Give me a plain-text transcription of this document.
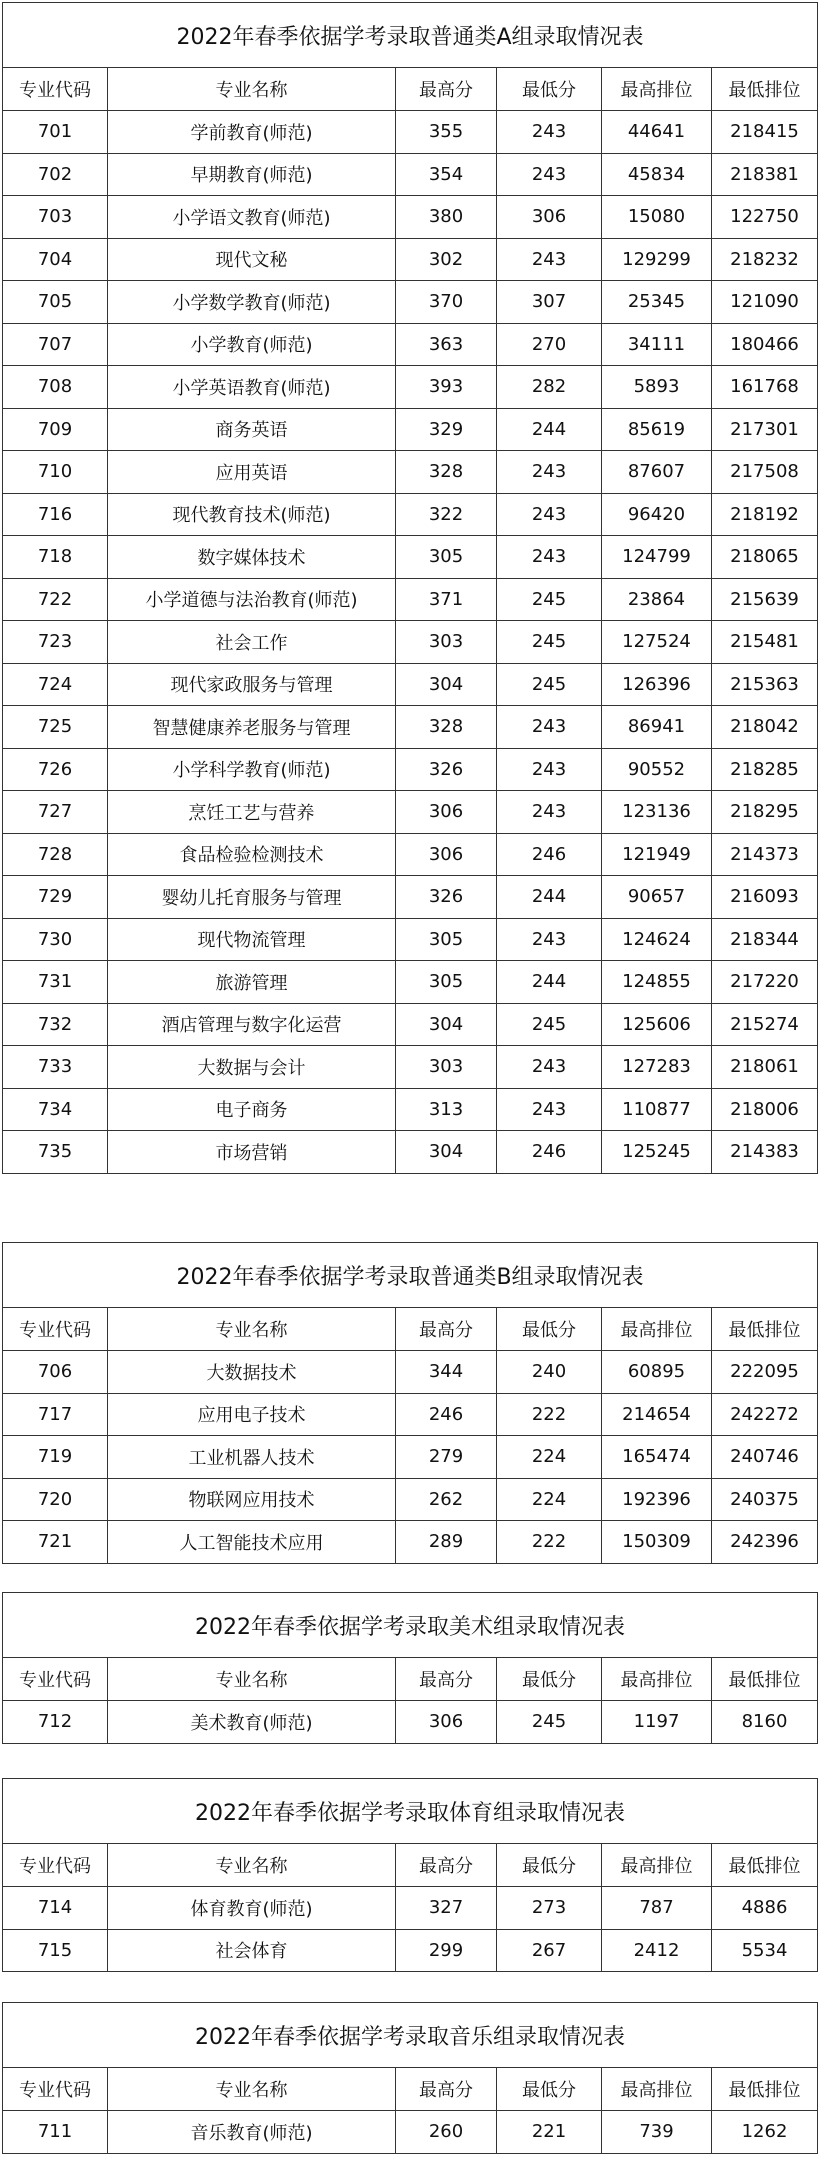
2022年春季依据学考录取普通类A组录取情况表					
专业代码	专业名称	最高分	最低分	最高排位	最低排位
701	学前教育(师范)	355	243	44641	218415
702	早期教育(师范)	354	243	45834	218381
703	小学语文教育(师范)	380	306	15080	122750
704	现代文秘	302	243	129299	218232
705	小学数学教育(师范)	370	307	25345	121090
707	小学教育(师范)	363	270	34111	180466
708	小学英语教育(师范)	393	282	5893	161768
709	商务英语	329	244	85619	217301
710	应用英语	328	243	87607	217508
716	现代教育技术(师范)	322	243	96420	218192
718	数字媒体技术	305	243	124799	218065
722	小学道德与法治教育(师范)	371	245	23864	215639
723	社会工作	303	245	127524	215481
724	现代家政服务与管理	304	245	126396	215363
725	智慧健康养老服务与管理	328	243	86941	218042
726	小学科学教育(师范)	326	243	90552	218285
727	烹饪工艺与营养	306	243	123136	218295
728	食品检验检测技术	306	246	121949	214373
729	婴幼儿托育服务与管理	326	244	90657	216093
730	现代物流管理	305	243	124624	218344
731	旅游管理	305	244	124855	217220
732	酒店管理与数字化运营	304	245	125606	215274
733	大数据与会计	303	243	127283	218061
734	电子商务	313	243	110877	218006
735	市场营销	304	246	125245	214383
2022年春季依据学考录取普通类B组录取情况表					
专业代码	专业名称	最高分	最低分	最高排位	最低排位
706	大数据技术	344	240	60895	222095
717	应用电子技术	246	222	214654	242272
719	工业机器人技术	279	224	165474	240746
720	物联网应用技术	262	224	192396	240375
721	人工智能技术应用	289	222	150309	242396
2022年春季依据学考录取美术组录取情况表					
专业代码	专业名称	最高分	最低分	最高排位	最低排位
712	美术教育(师范)	306	245	1197	8160
2022年春季依据学考录取体育组录取情况表					
专业代码	专业名称	最高分	最低分	最高排位	最低排位
714	体育教育(师范)	327	273	787	4886
715	社会体育	299	267	2412	5534
2022年春季依据学考录取音乐组录取情况表					
专业代码	专业名称	最高分	最低分	最高排位	最低排位
711	音乐教育(师范)	260	221	739	1262
